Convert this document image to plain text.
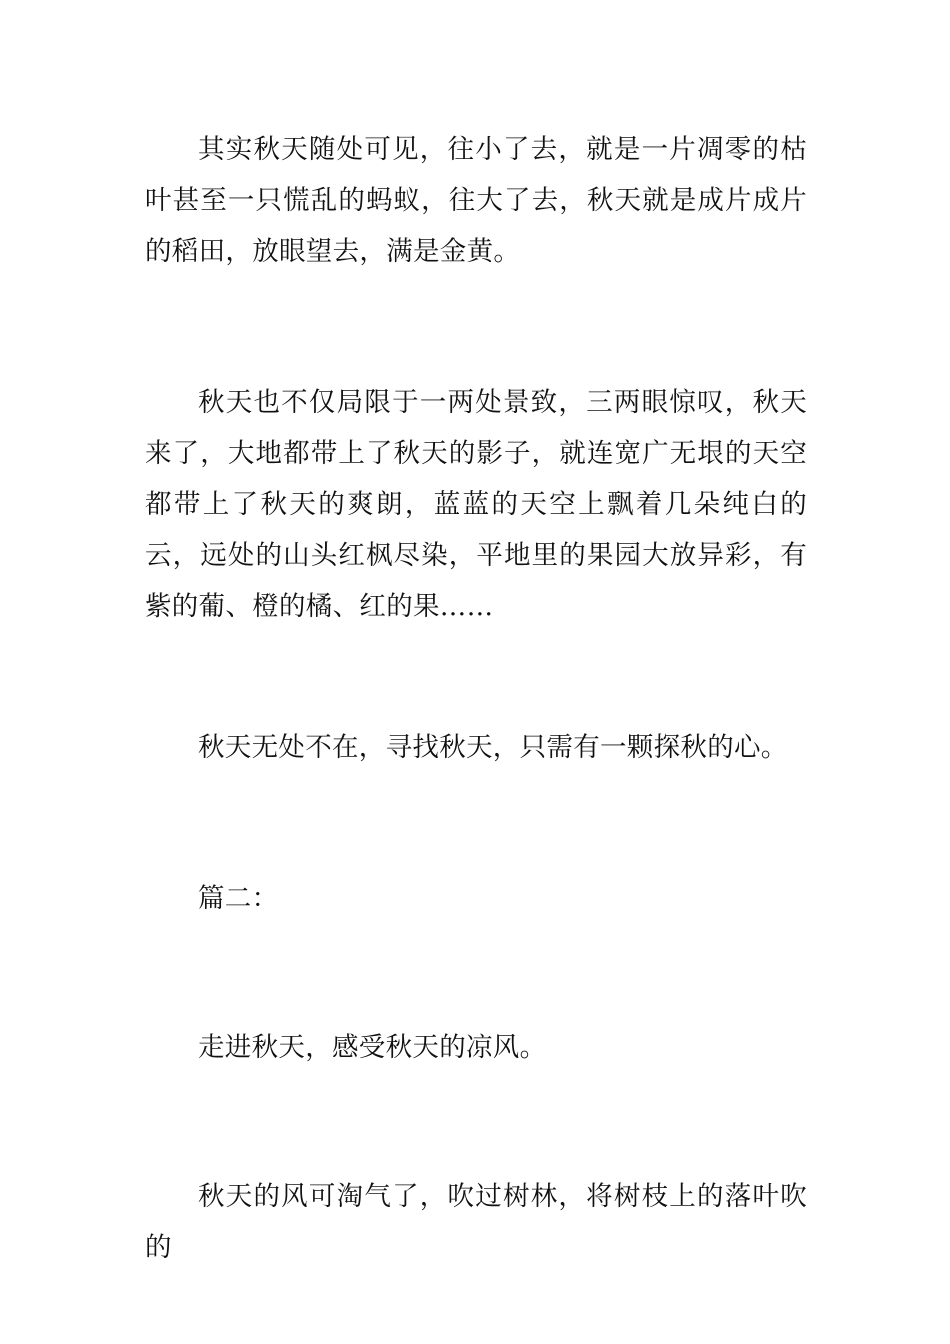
其实秋天随处可见，往小了去，就是一片凋零的枯叶甚至一只慌乱的蚂蚁，往大了去，秋天就是成片成片的稻田，放眼望去，满是金黄。

秋天也不仅局限于一两处景致，三两眼惊叹，秋天来了，大地都带上了秋天的影子，就连宽广无垠的天空都带上了秋天的爽朗，蓝蓝的天空上飘着几朵纯白的云，远处的山头红枫尽染，平地里的果园大放异彩，有紫的葡、橙的橘、红的果……

秋天无处不在，寻找秋天，只需有一颗探秋的心。

篇二：

走进秋天，感受秋天的凉风。

秋天的风可淘气了，吹过树林，将树枝上的落叶吹的
